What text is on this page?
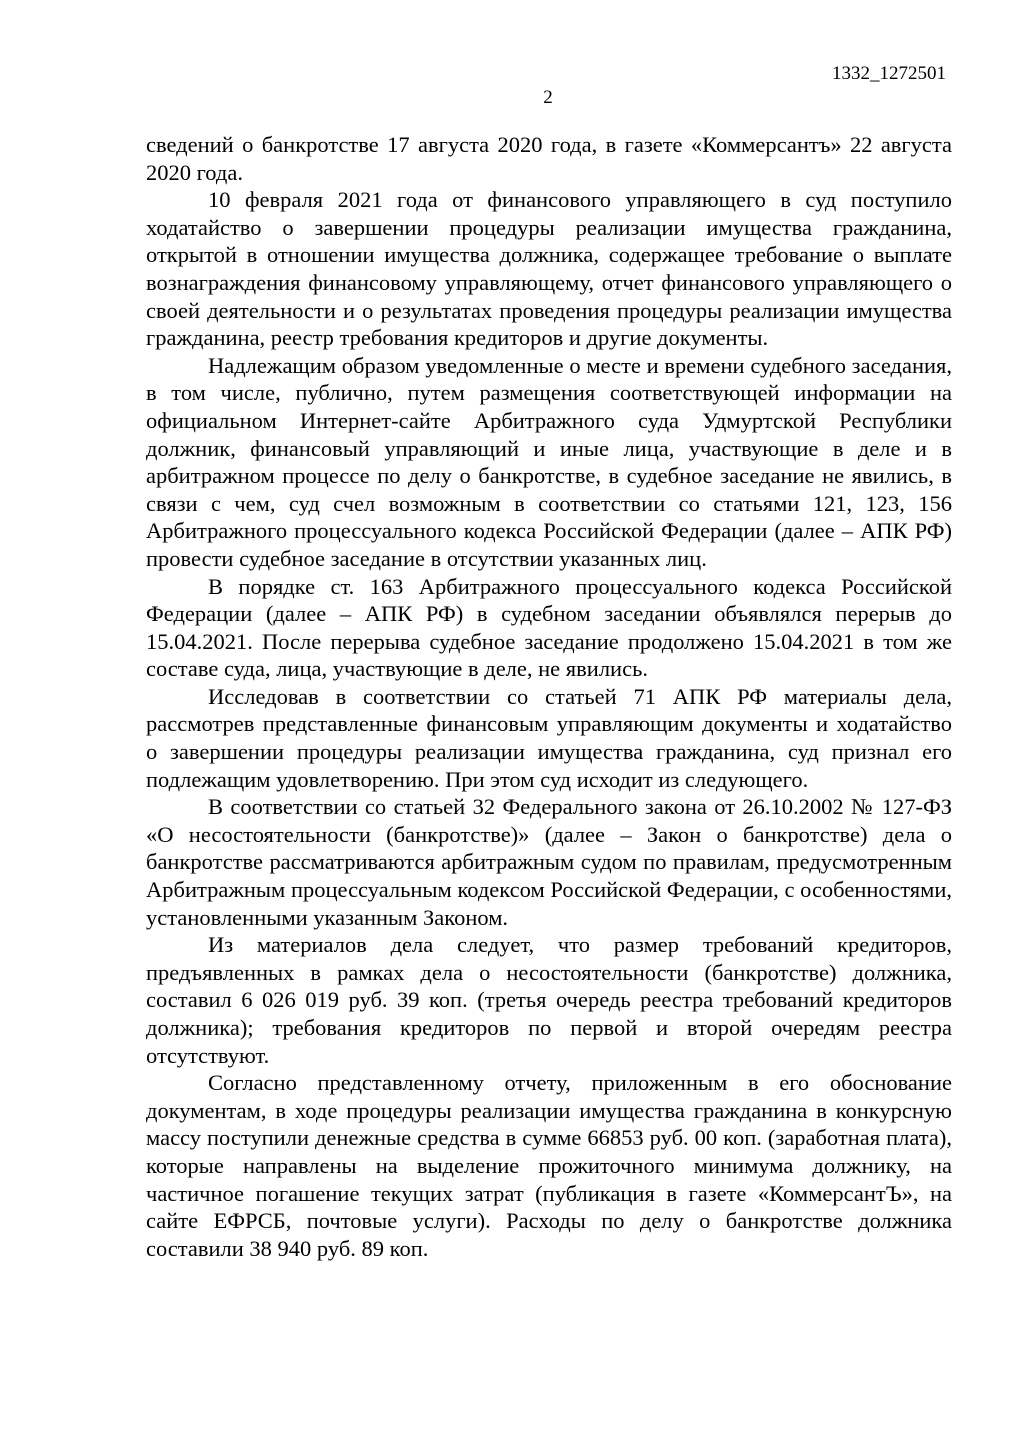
1332_1272501
2

сведений о банкротстве 17 августа 2020 года, в газете «Коммерсантъ» 22 августа 2020 года.

10 февраля 2021 года от финансового управляющего в суд поступило ходатайство о завершении процедуры реализации имущества гражданина, открытой в отношении имущества должника, содержащее требование о выплате вознаграждения финансовому управляющему, отчет финансового управляющего о своей деятельности и о результатах проведения процедуры реализации имущества гражданина, реестр требования кредиторов и другие документы.

Надлежащим образом уведомленные о месте и времени судебного заседания, в том числе, публично, путем размещения соответствующей информации на официальном Интернет-сайте Арбитражного суда Удмуртской Республики должник, финансовый управляющий и иные лица, участвующие в деле и в арбитражном процессе по делу о банкротстве, в судебное заседание не явились, в связи с чем, суд счел возможным в соответствии со статьями 121, 123, 156 Арбитражного процессуального кодекса Российской Федерации (далее – АПК РФ) провести судебное заседание в отсутствии указанных лиц.

В порядке ст. 163 Арбитражного процессуального кодекса Российской Федерации (далее – АПК РФ) в судебном заседании объявлялся перерыв до 15.04.2021. После перерыва судебное заседание продолжено 15.04.2021 в том же составе суда, лица, участвующие в деле, не явились.

Исследовав в соответствии со статьей 71 АПК РФ материалы дела, рассмотрев представленные финансовым управляющим документы и ходатайство о завершении процедуры реализации имущества гражданина, суд признал его подлежащим удовлетворению. При этом суд исходит из следующего.

В соответствии со статьей 32 Федерального закона от 26.10.2002 № 127-ФЗ «О несостоятельности (банкротстве)» (далее – Закон о банкротстве) дела о банкротстве рассматриваются арбитражным судом по правилам, предусмотренным Арбитражным процессуальным кодексом Российской Федерации, с особенностями, установленными указанным Законом.

Из материалов дела следует, что размер требований кредиторов, предъявленных в рамках дела о несостоятельности (банкротстве) должника, составил 6 026 019 руб. 39 коп. (третья очередь реестра требований кредиторов должника); требования кредиторов по первой и второй очередям реестра отсутствуют.

Согласно представленному отчету, приложенным в его обоснование документам, в ходе процедуры реализации имущества гражданина в конкурсную массу поступили денежные средства в сумме 66853 руб. 00 коп. (заработная плата), которые направлены на выделение прожиточного минимума должнику, на частичное погашение текущих затрат (публикация в газете «КоммерсантЪ», на сайте ЕФРСБ, почтовые услуги). Расходы по делу о банкротстве должника составили 38 940 руб. 89 коп.
